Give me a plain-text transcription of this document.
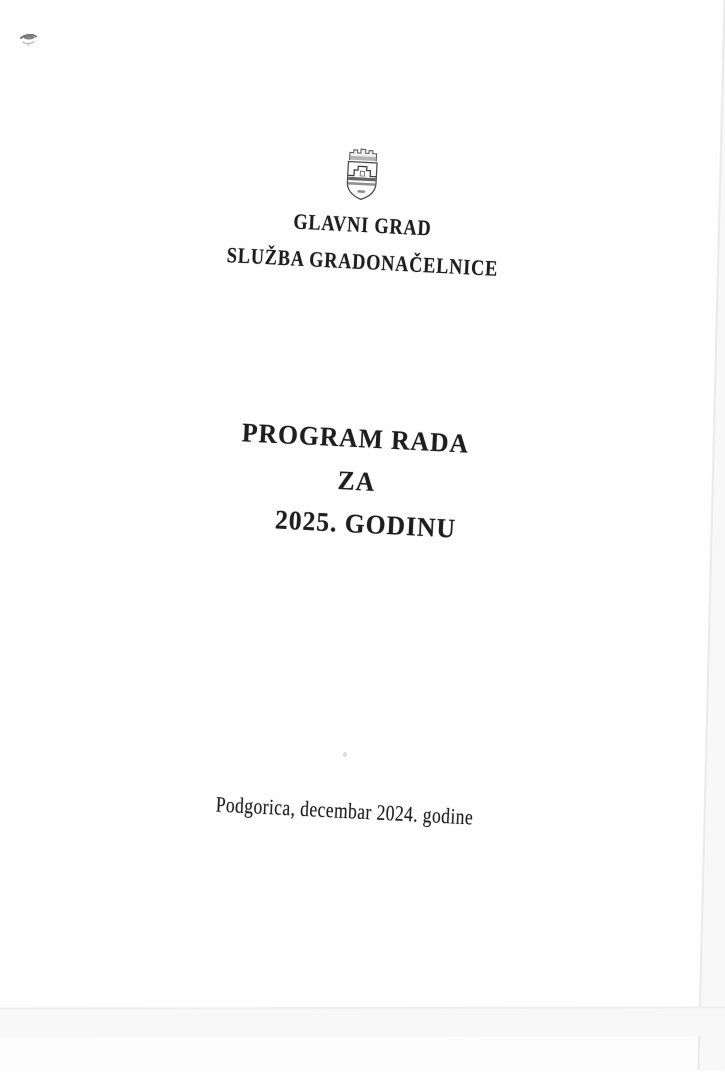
GLAVNI GRAD
SLUŽBA GRADONAČELNICE
PROGRAM RADA
ZA
2025. GODINU
Podgorica, decembar 2024. godine
